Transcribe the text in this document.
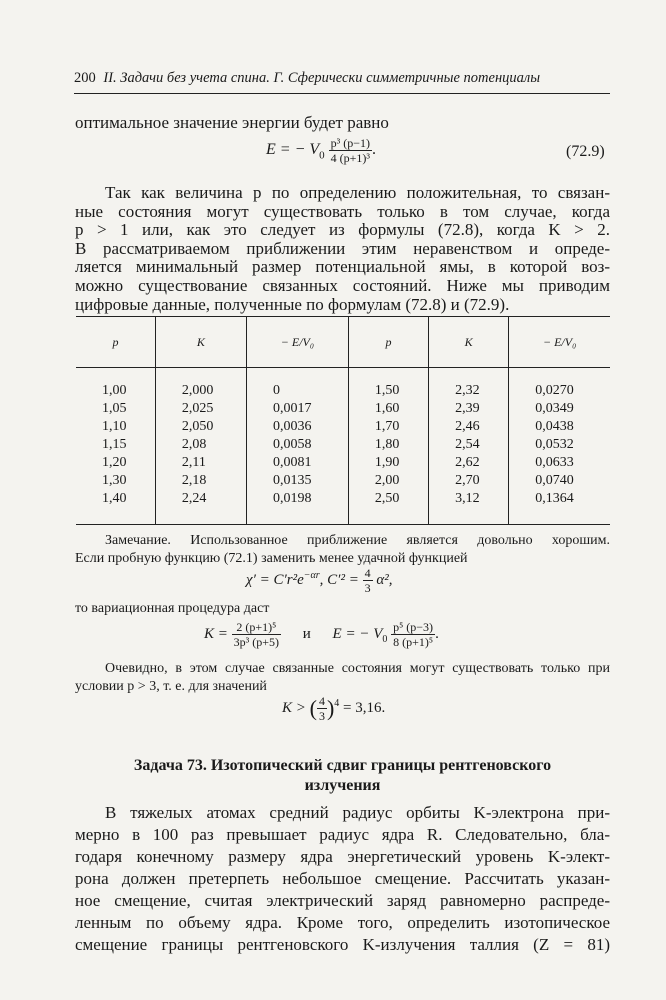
200 II. Задачи без учета спина. Г. Сферически симметричные потенциалы

оптимальное значение энергии будет равно

E = − $V_0 \frac{\text{p³ (p−1)}}{\text{4 (p+1)³}}$ .	(72.9)

Так как величина p по определению положительная, то связан-

ные состояния могут существовать только в том случае, когда

p > 1 или, как это следует из формулы (72.8), когда K > 2.

В рассматриваемом приближении этим неравенством и опреде-

ляется минимальный размер потенциальной ямы, в которой воз-

можно существование связанных состояний. Ниже мы приводим

p	K	− E/V₀	p	K	− E/V₀
1,00	2,000	0	1,50	2,32	0,0270
1,05	2,025	0,0017	1,60	2,39	0,0349
1,10	2,050	0,0036	1,70	2,46	0,0438
1,15	2,08	0,0058	1,80	2,54	0,0532
1,20	2,11	0,0081	1,90	2,62	0,0633
1,30	2,18	0,0135	2,00	2,70	0,0740
1,40	2,24	0,0198	2,50	3,12	0,1364

Замечание. Использованное приближение является довольно хорошим.

Если пробную функцию (72.1) заменить менее удачной функцией

$\chi' = C'r^2e^{-\alpha r}$, $C'^2 = \frac{4}{3} \alpha^2$,

то вариационная процедура даст

$K = \frac{\text{2 (p+1)⁵}}{\text{3p³ (p+5)}}$ и E = − $V_0 \frac{\text{p⁵ (p−3)}}{\text{8 (p+1)⁵}}$ .

Очевидно, в этом случае связанные состояния могут существовать только при

условии p > 3, т. е. для значений

K > ( $\frac{4}{3} )^4 = 3,16$.
Задача 73. Изотопический сдвиг границы рентгеновского
излучения

В тяжелых атомах средний радиус орбиты K-электрона при-

мерно в 100 раз превышает радиус ядра R. Следовательно, бла-

годаря конечному размеру ядра энергетический уровень K-элект-

рона должен претерпеть небольшое смещение. Рассчитать указан-

ное смещение, считая электрический заряд равномерно распреде-

ленным по объему ядра. Кроме того, определить изотопическое

смещение границы рентгеновского K-излучения таллия (Z = 81)

цифровые данные, полученные по формулам (72.8) и (72.9).
